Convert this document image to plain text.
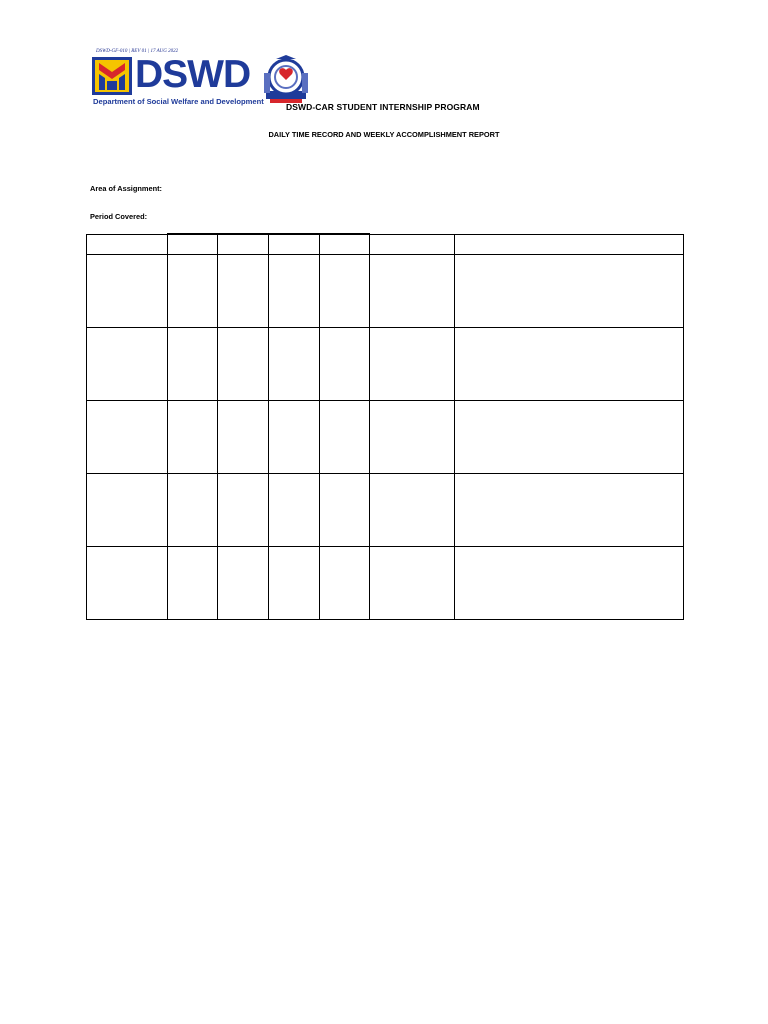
DSWD-GF-010 | REV 01 | 17 AUG 2022
DSWD
Department of Social Welfare and Development
DSWD-CAR STUDENT INTERNSHIP PROGRAM
DAILY TIME RECORD AND WEEKLY ACCOMPLISHMENT REPORT
Area of Assignment:
Period Covered:
